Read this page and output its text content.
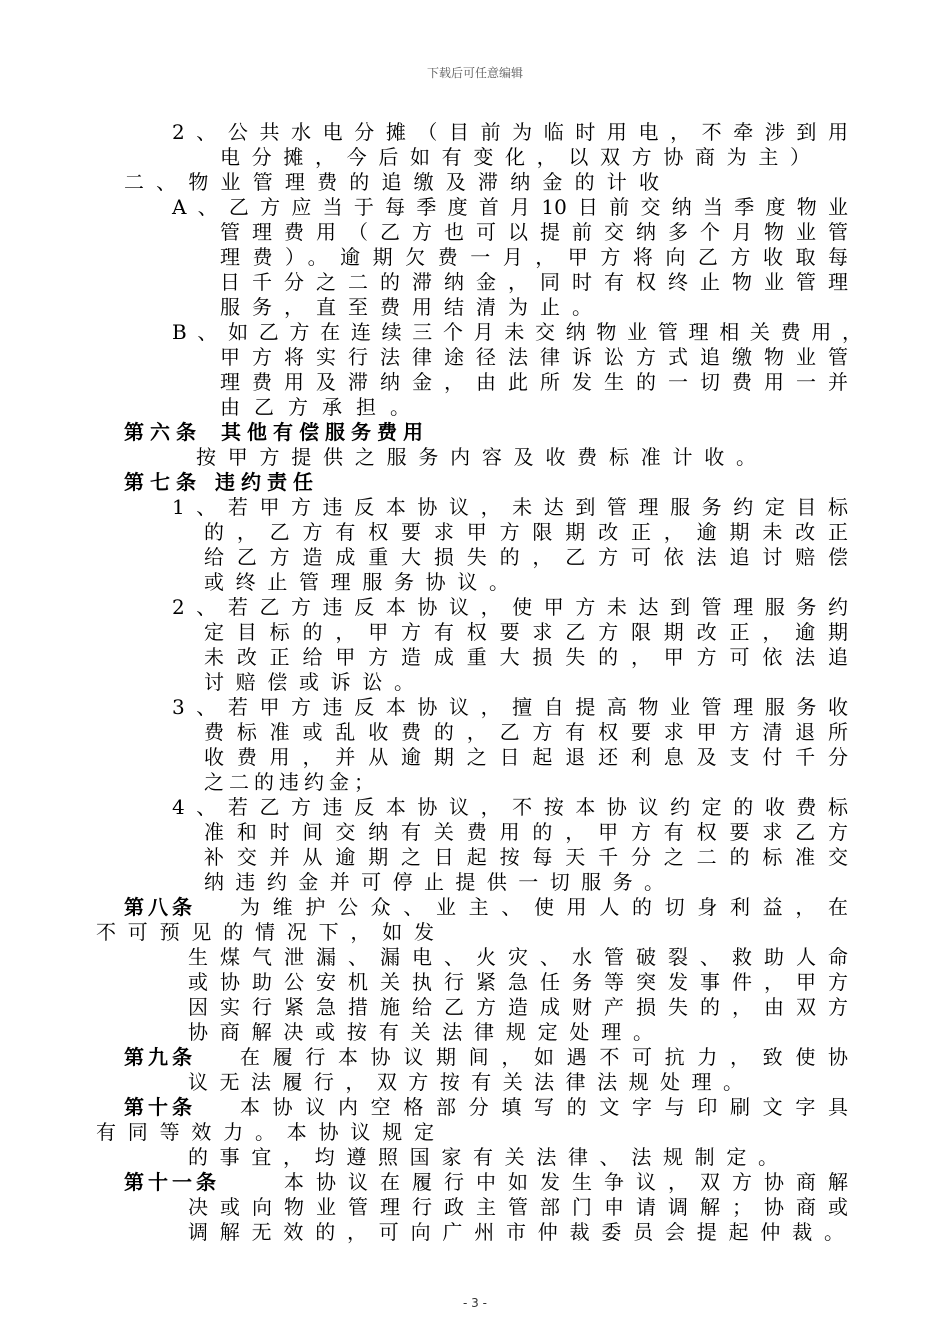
下载后可任意编辑
2、公共水电分摊（目前为临时用电，不牵涉到用
电分摊，今后如有变化，以双方协商为主）
二、物业管理费的追缴及滞纳金的计收
A、乙方应当于每季度首月10日前交纳当季度物业
管理费用（乙方也可以提前交纳多个月物业管
理费）。逾期欠费一月，甲方将向乙方收取每
日千分之二的滞纳金，同时有权终止物业管理
服务，直至费用结清为止。
B、如乙方在连续三个月未交纳物业管理相关费用，
甲方将实行法律途径法律诉讼方式追缴物业管
理费用及滞纳金，由此所发生的一切费用一并
由乙方承担。
第六条 其他有偿服务费用
按甲方提供之服务内容及收费标准计收。
第七条 违约责任
1、若甲方违反本协议，未达到管理服务约定目标
的，乙方有权要求甲方限期改正，逾期未改正
给乙方造成重大损失的，乙方可依法追讨赔偿
或终止管理服务协议。
2、若乙方违反本协议，使甲方未达到管理服务约
定目标的，甲方有权要求乙方限期改正，逾期
未改正给甲方造成重大损失的，甲方可依法追
讨赔偿或诉讼。
3、若甲方违反本协议，擅自提高物业管理服务收
费标准或乱收费的，乙方有权要求甲方清退所
收费用，并从逾期之日起退还利息及支付千分
之二的违约金；
4、若乙方违反本协议，不按本协议约定的收费标
准和时间交纳有关费用的，甲方有权要求乙方
补交并从逾期之日起按每天千分之二的标准交
纳违约金并可停止提供一切服务。
第八条 为维护公众、业主、使用人的切身利益，在
不可预见的情况下，如发
生煤气泄漏、漏电、火灾、水管破裂、救助人命
或协助公安机关执行紧急任务等突发事件，甲方
因实行紧急措施给乙方造成财产损失的，由双方
协商解决或按有关法律规定处理。
第九条 在履行本协议期间，如遇不可抗力，致使协
议无法履行，双方按有关法律法规处理。
第十条 本协议内空格部分填写的文字与印刷文字具
有同等效力。本协议规定
的事宜，均遵照国家有关法律、法规制定。
第十一条	本协议在履行中如发生争议，双方协商解
决或向物业管理行政主管部门申请调解；协商或
调解无效的，可向广州市仲裁委员会提起仲裁。
- 3 -
